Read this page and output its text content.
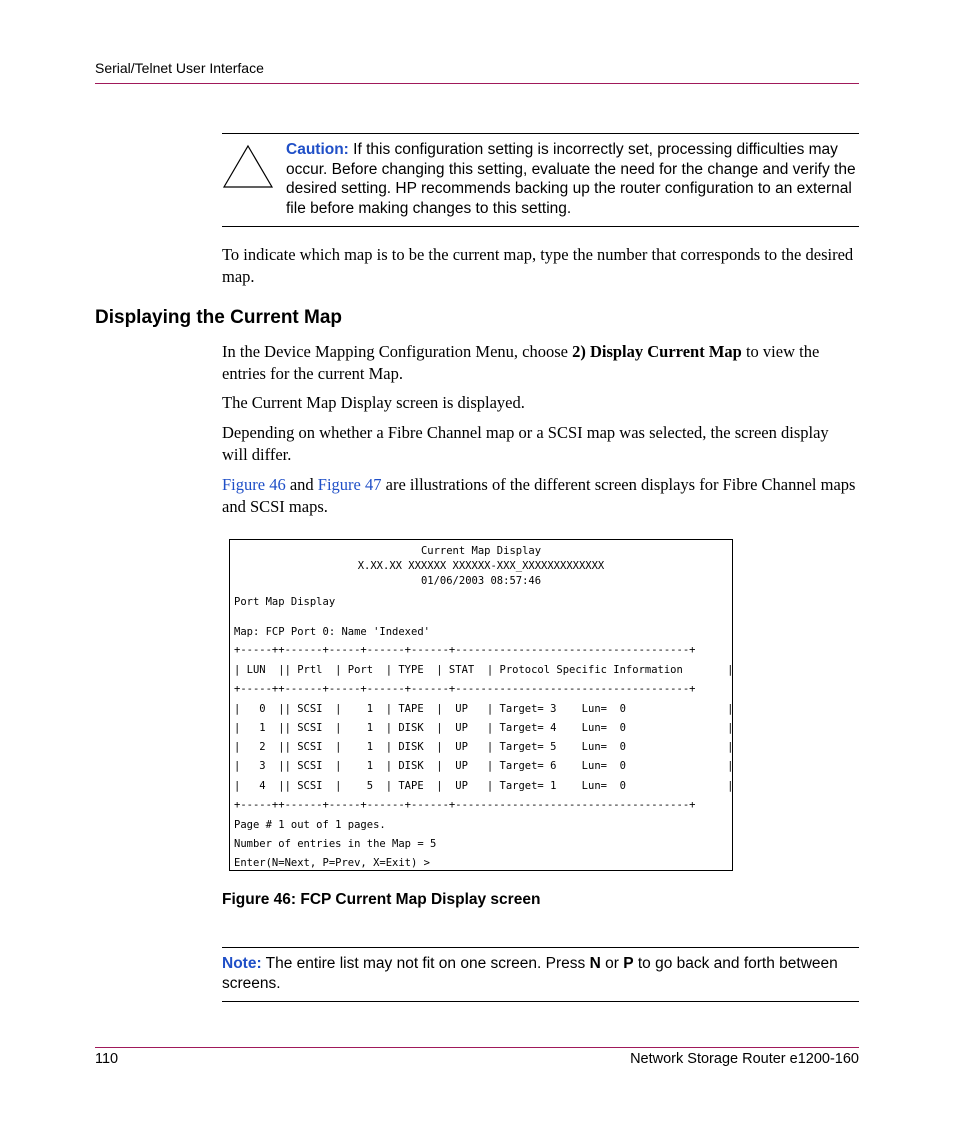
Serial/Telnet User Interface
Caution: If this configuration setting is incorrectly set, processing difficulties may occur. Before changing this setting, evaluate the need for the change and verify the desired setting. HP recommends backing up the router configuration to an external file before making changes to this setting.
To indicate which map is to be the current map, type the number that corresponds to the desired map.
Displaying the Current Map
In the Device Mapping Configuration Menu, choose 2) Display Current Map to view the entries for the current Map.
The Current Map Display screen is displayed.
Depending on whether a Fibre Channel map or a SCSI map was selected, the screen display will differ.
Figure 46 and Figure 47 are illustrations of the different screen displays for Fibre Channel maps and SCSI maps.
Current Map Display
X.XX.XX XXXXXX XXXXXX-XXX_XXXXXXXXXXXXX
01/06/2003 08:57:46
Port Map Display
Map: FCP Port 0: Name 'Indexed'
+-----++------+-----+------+------+-------------------------------------+
| LUN  || Prtl  | Port  | TYPE  | STAT  | Protocol Specific Information       |
+-----++------+-----+------+------+-------------------------------------+
|   0  || SCSI  |    1  | TAPE  |  UP   | Target= 3    Lun=  0                |
|   1  || SCSI  |    1  | DISK  |  UP   | Target= 4    Lun=  0                |
|   2  || SCSI  |    1  | DISK  |  UP   | Target= 5    Lun=  0                |
|   3  || SCSI  |    1  | DISK  |  UP   | Target= 6    Lun=  0                |
|   4  || SCSI  |    5  | TAPE  |  UP   | Target= 1    Lun=  0                |
+-----++------+-----+------+------+-------------------------------------+
Page # 1 out of 1 pages.
Number of entries in the Map = 5
Enter(N=Next, P=Prev, X=Exit) >
Figure 46: FCP Current Map Display screen
Note: The entire list may not fit on one screen. Press N or P to go back and forth between screens.
110	Network Storage Router e1200-160
